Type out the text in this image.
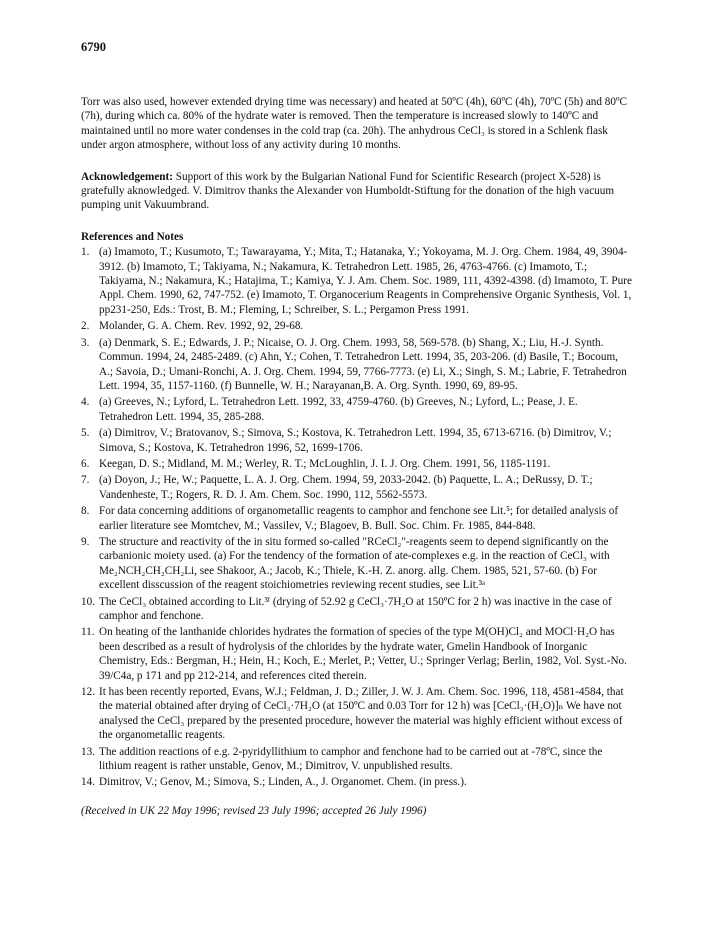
6790

Torr was also used, however extended drying time was necessary) and heated at 50ºC (4h), 60ºC (4h), 70ºC (5h) and 80ºC (7h), during which ca. 80% of the hydrate water is removed. Then the temperature is increased slowly to 140ºC and maintained until no more water condenses in the cold trap (ca. 20h). The anhydrous CeCl₃ is stored in a Schlenk flask under argon atmosphere, without loss of any activity during 10 months.

Acknowledgement: Support of this work by the Bulgarian National Fund for Scientific Research (project X-528) is gratefully aknowledged. V. Dimitrov thanks the Alexander von Humboldt-Stiftung for the donation of the high vacuum pumping unit Vakuumbrand.

References and Notes
1. (a) Imamoto, T.; Kusumoto, T.; Tawarayama, Y.; Mita, T.; Hatanaka, Y.; Yokoyama, M. J. Org. Chem. 1984, 49, 3904-3912. (b) Imamoto, T.; Takiyama, N.; Nakamura, K. Tetrahedron Lett. 1985, 26, 4763-4766. (c) Imamoto, T.; Takiyama, N.; Nakamura, K.; Hatajima, T.; Kamiya, Y. J. Am. Chem. Soc. 1989, 111, 4392-4398. (d) Imamoto, T. Pure Appl. Chem. 1990, 62, 747-752. (e) Imamoto, T. Organocerium Reagents in Comprehensive Organic Synthesis, Vol. 1, pp231-250, Eds.: Trost, B. M.; Fleming, I.; Schreiber, S. L.; Pergamon Press 1991.
2. Molander, G. A. Chem. Rev. 1992, 92, 29-68.
3. (a) Denmark, S. E.; Edwards, J. P.; Nicaise, O. J. Org. Chem. 1993, 58, 569-578. (b) Shang, X.; Liu, H.-J. Synth. Commun. 1994, 24, 2485-2489. (c) Ahn, Y.; Cohen, T. Tetrahedron Lett. 1994, 35, 203-206. (d) Basile, T.; Bocoum, A.; Savoia, D.; Umani-Ronchi, A. J. Org. Chem. 1994, 59, 7766-7773. (e) Li, X.; Singh, S. M.; Labrie, F. Tetrahedron Lett. 1994, 35, 1157-1160. (f) Bunnelle, W. H.; Narayanan,B. A. Org. Synth. 1990, 69, 89-95.
4. (a) Greeves, N.; Lyford, L. Tetrahedron Lett. 1992, 33, 4759-4760. (b) Greeves, N.; Lyford, L.; Pease, J. E. Tetrahedron Lett. 1994, 35, 285-288.
5. (a) Dimitrov, V.; Bratovanov, S.; Simova, S.; Kostova, K. Tetrahedron Lett. 1994, 35, 6713-6716. (b) Dimitrov, V.; Simova, S.; Kostova, K. Tetrahedron 1996, 52, 1699-1706.
6. Keegan, D. S.; Midland, M. M.; Werley, R. T.; McLoughlin, J. I. J. Org. Chem. 1991, 56, 1185-1191.
7. (a) Doyon, J.; He, W.; Paquette, L. A. J. Org. Chem. 1994, 59, 2033-2042. (b) Paquette, L. A.; DeRussy, D. T.; Vandenheste, T.; Rogers, R. D. J. Am. Chem. Soc. 1990, 112, 5562-5573.
8. For data concerning additions of organometallic reagents to camphor and fenchone see Lit.⁵; for detailed analysis of earlier literature see Momtchev, M.; Vassilev, V.; Blagoev, B. Bull. Soc. Chim. Fr. 1985, 844-848.
9. The structure and reactivity of the in situ formed so-called "RCeCl₂"-reagents seem to depend significantly on the carbanionic moiety used. (a) For the tendency of the formation of ate-complexes e.g. in the reaction of CeCl₃ with Me₂NCH₂CH₂CH₂Li, see Shakoor, A.; Jacob, K.; Thiele, K.-H. Z. anorg. allg. Chem. 1985, 521, 57-60. (b) For excellent disscussion of the reagent stoichiometries reviewing recent studies, see Lit.³ᵃ
10. The CeCl₃ obtained according to Lit.³ᶠ (drying of 52.92 g CeCl₃·7H₂O at 150ºC for 2 h) was inactive in the case of camphor and fenchone.
11. On heating of the lanthanide chlorides hydrates the formation of species of the type M(OH)Cl₂ and MOCl·H₂O has been described as a result of hydrolysis of the chlorides by the hydrate water, Gmelin Handbook of Inorganic Chemistry, Eds.: Bergman, H.; Hein, H.; Koch, E.; Merlet, P.; Vetter, U.; Springer Verlag; Berlin, 1982, Vol. Syst.-No. 39/C4a, p 171 and pp 212-214, and references cited therein.
12. It has been recently reported, Evans, W.J.; Feldman, J. D.; Ziller, J. W. J. Am. Chem. Soc. 1996, 118, 4581-4584, that the material obtained after drying of CeCl₃·7H₂O (at 150ºC and 0.03 Torr for 12 h) was [CeCl₃·(H₂O)]ₙ We have not analysed the CeCl₃ prepared by the presented procedure, however the material was highly efficient without excess of the organometallic reagents.
13. The addition reactions of e.g. 2-pyridyllithium to camphor and fenchone had to be carried out at -78ºC, since the lithium reagent is rather unstable, Genov, M.; Dimitrov, V. unpublished results.
14. Dimitrov, V.; Genov, M.; Simova, S.; Linden, A., J. Organomet. Chem. (in press.).
(Received in UK 22 May 1996; revised 23 July 1996; accepted 26 July 1996)
